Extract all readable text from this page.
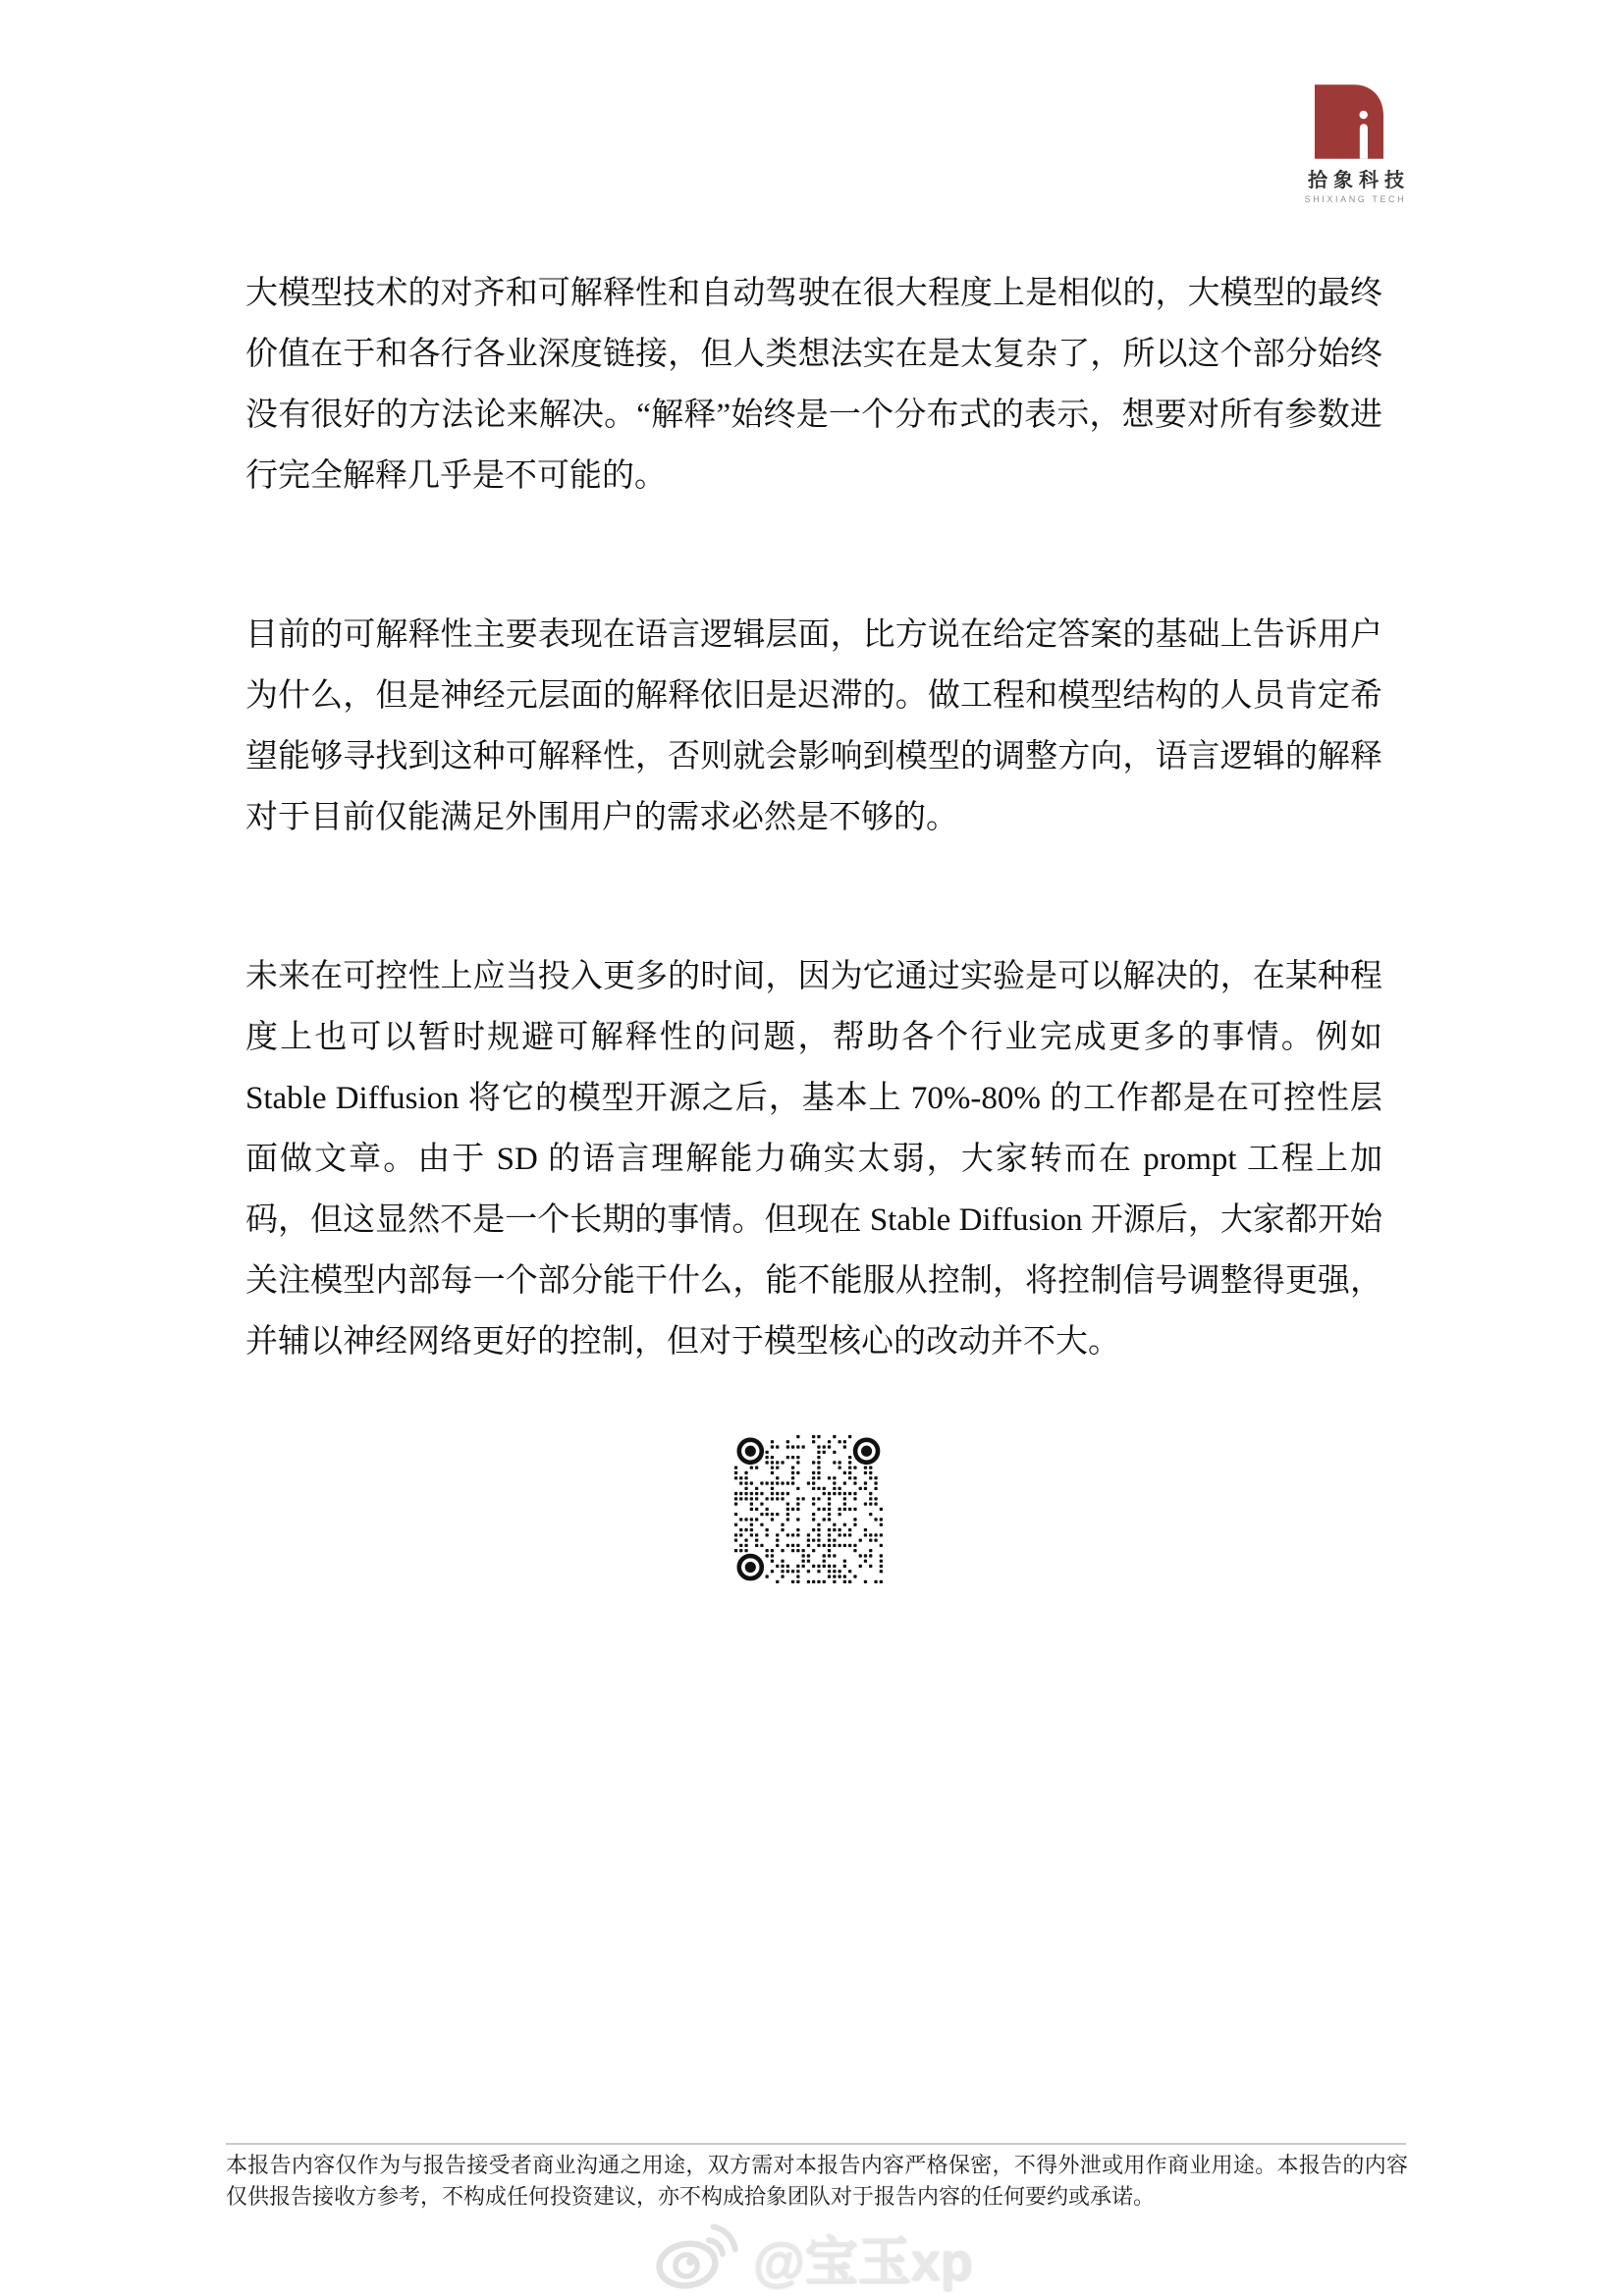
拾象科技
SHIXIANG TECH

大模型技术的对齐和可解释性和自动驾驶在很大程度上是相似的，大模型的最终价值在于和各行各业深度链接，但人类想法实在是太复杂了，所以这个部分始终没有很好的方法论来解决。“解释”始终是一个分布式的表示，想要对所有参数进行完全解释几乎是不可能的。

目前的可解释性主要表现在语言逻辑层面，比方说在给定答案的基础上告诉用户为什么，但是神经元层面的解释依旧是迟滞的。做工程和模型结构的人员肯定希望能够寻找到这种可解释性，否则就会影响到模型的调整方向，语言逻辑的解释对于目前仅能满足外围用户的需求必然是不够的。

未来在可控性上应当投入更多的时间，因为它通过实验是可以解决的，在某种程度上也可以暂时规避可解释性的问题，帮助各个行业完成更多的事情。例如 Stable Diffusion 将它的模型开源之后，基本上 70%-80% 的工作都是在可控性层面做文章。由于 SD 的语言理解能力确实太弱，大家转而在 prompt 工程上加码，但这显然不是一个长期的事情。但现在 Stable Diffusion 开源后，大家都开始关注模型内部每一个部分能干什么，能不能服从控制，将控制信号调整得更强，并辅以神经网络更好的控制，但对于模型核心的改动并不大。

本报告内容仅作为与报告接受者商业沟通之用途，双方需对本报告内容严格保密，不得外泄或用作商业用途。本报告的内容仅供报告接收方参考，不构成任何投资建议，亦不构成拾象团队对于报告内容的任何要约或承诺。
@宝玉xp
